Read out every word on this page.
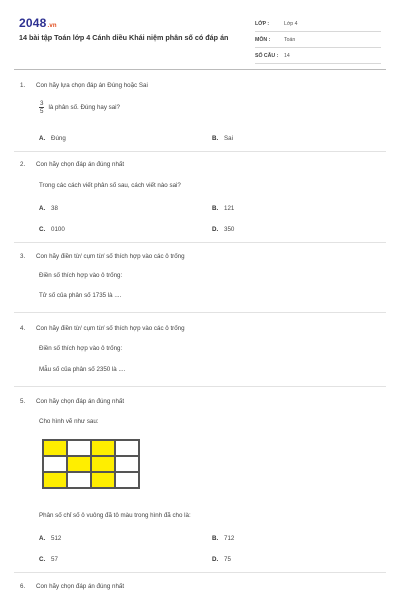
2048.vn
14 bài tập Toán lớp 4 Cánh diều Khái niệm phân số có đáp án
LỚP :	Lớp 4
MÔN :	Toán
SỐ CÂU :	14
1. Con hãy lựa chọn đáp án Đúng hoặc Sai
$\frac{3}{5}$ là phân số. Đúng hay sai?
A. Đúng	B. Sai
2. Con hãy chọn đáp án đúng nhất
Trong các cách viết phân số sau, cách viết nào sai?
A. 38	B. 121
C. 0100	D. 350
3. Con hãy điền từ/ cụm từ/ số thích hợp vào các ô trống
Điền số thích hợp vào ô trống:
Tử số của phân số 1735 là ....
4. Con hãy điền từ/ cụm từ/ số thích hợp vào các ô trống
Điền số thích hợp vào ô trống:
Mẫu số của phân số 2350 là ....
5. Con hãy chọn đáp án đúng nhất
Cho hình vẽ như sau:
Phân số chỉ số ô vuông đã tô màu trong hình đã cho là:
A. 512	B. 712
C. 57	D. 75
6. Con hãy chọn đáp án đúng nhất
